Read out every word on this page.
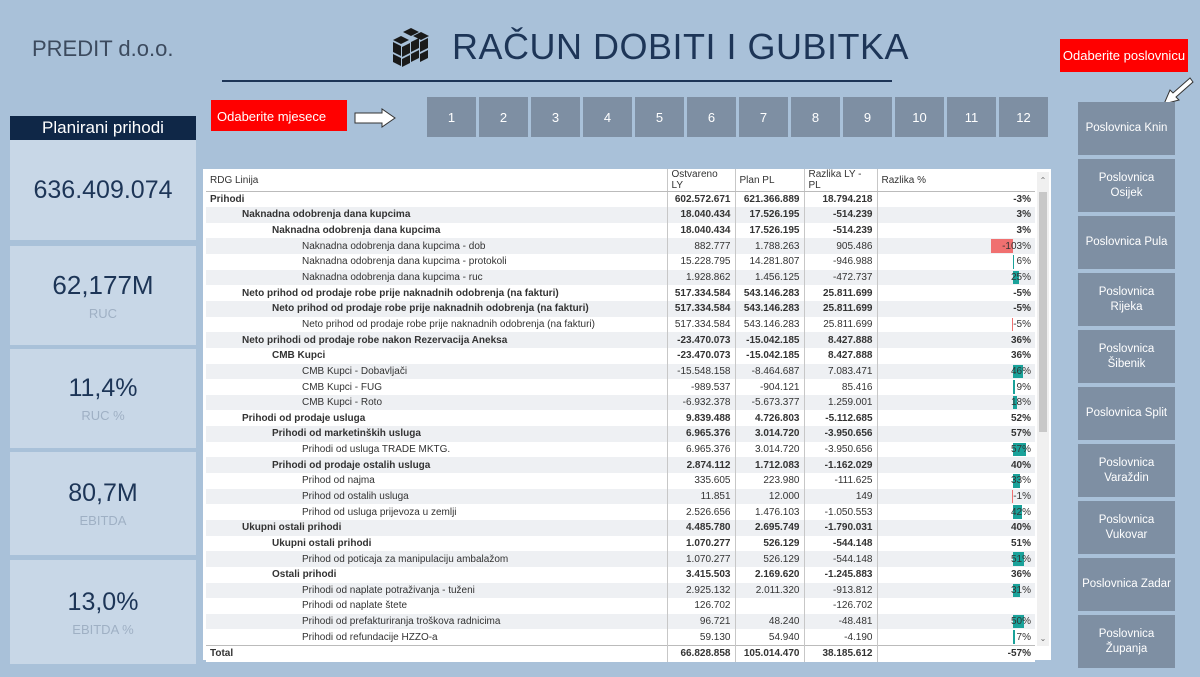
PREDIT d.o.o.	RAČUN DOBITI I GUBITKA	Odaberite poslovnicu
Odaberite mjesece	1	2	3	4	5	6	7	8	9	10	11	12
Planirani prihodi
636.409.074
62,177M
RUC
11,4%
RUC %
80,7M
EBITDA
13,0%
EBITDA %
Poslovnica Knin
Poslovnica Osijek
Poslovnica Pula
Poslovnica Rijeka
Poslovnica Šibenik
Poslovnica Split
Poslovnica Varaždin
Poslovnica Vukovar
Poslovnica Zadar
Poslovnica Županja
RDG Linija	Ostvareno LY	Plan PL	Razlika LY - PL	Razlika %
Prihodi	602.572.671	621.366.889	18.794.218	-3%
Naknadna odobrenja dana kupcima	18.040.434	17.526.195	-514.239	3%
Naknadna odobrenja dana kupcima	18.040.434	17.526.195	-514.239	3%
Naknadna odobrenja dana kupcima - dob	882.777	1.788.263	905.486	-103%
Naknadna odobrenja dana kupcima - protokoli	15.228.795	14.281.807	-946.988	6%
Naknadna odobrenja dana kupcima - ruc	1.928.862	1.456.125	-472.737	25%
Neto prihod od prodaje robe prije naknadnih odobrenja (na fakturi)	517.334.584	543.146.283	25.811.699	-5%
Neto prihod od prodaje robe prije naknadnih odobrenja (na fakturi)	517.334.584	543.146.283	25.811.699	-5%
Neto prihod od prodaje robe prije naknadnih odobrenja (na fakturi)	517.334.584	543.146.283	25.811.699	-5%
Neto prihodi od prodaje robe nakon Rezervacija Aneksa	-23.470.073	-15.042.185	8.427.888	36%
CMB Kupci	-23.470.073	-15.042.185	8.427.888	36%
CMB Kupci - Dobavljači	-15.548.158	-8.464.687	7.083.471	46%
CMB Kupci - FUG	-989.537	-904.121	85.416	9%
CMB Kupci - Roto	-6.932.378	-5.673.377	1.259.001	18%
Prihodi od prodaje usluga	9.839.488	4.726.803	-5.112.685	52%
Prihodi od marketinških usluga	6.965.376	3.014.720	-3.950.656	57%
Prihodi od usluga TRADE MKTG.	6.965.376	3.014.720	-3.950.656	57%
Prihodi od prodaje ostalih usluga	2.874.112	1.712.083	-1.162.029	40%
Prihod od najma	335.605	223.980	-111.625	33%
Prihod od ostalih usluga	11.851	12.000	149	-1%
Prihod od usluga prijevoza u zemlji	2.526.656	1.476.103	-1.050.553	42%
Ukupni ostali prihodi	4.485.780	2.695.749	-1.790.031	40%
Ukupni ostali prihodi	1.070.277	526.129	-544.148	51%
Prihod od poticaja za manipulaciju ambalažom	1.070.277	526.129	-544.148	51%
Ostali prihodi	3.415.503	2.169.620	-1.245.883	36%
Prihodi od naplate potraživanja - tuženi	2.925.132	2.011.320	-913.812	31%
Prihodi od naplate štete	126.702		-126.702	
Prihodi od prefakturiranja troškova radnicima	96.721	48.240	-48.481	50%
Prihodi od refundacije HZZO-a	59.130	54.940	-4.190	7%
Total	66.828.858	105.014.470	38.185.612	-57%
⌃
⌄
